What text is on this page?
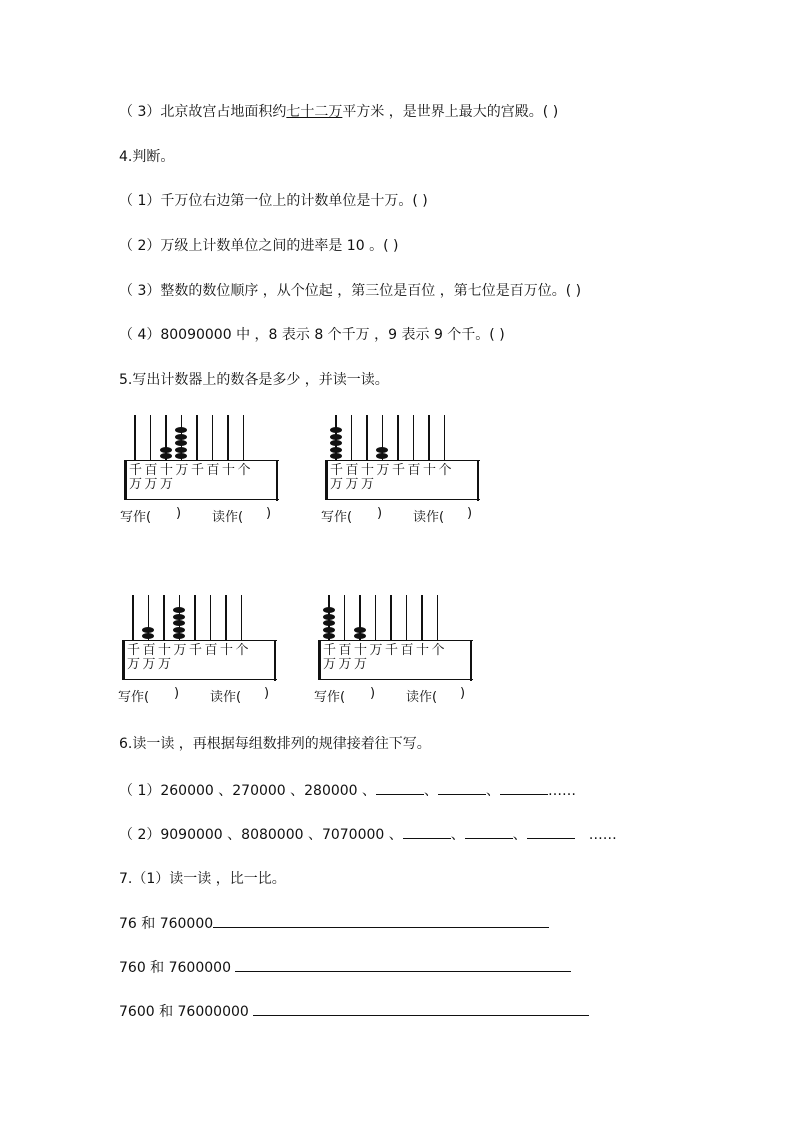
（ 3）北京故宫占地面积约七十二万平方米 ，是世界上最大的宫殿。( )
4.判断。
（ 1）千万位右边第一位上的计数单位是十万。( )
（ 2）万级上计数单位之间的进率是 10 。( )
（ 3）整数的数位顺序 ，从个位起 ，第三位是百位 ，第七位是百万位。( )
（ 4）80090000 中 ，8 表示 8 个千万 ，9 表示 9 个千。( )
5.写出计数器上的数各是多少 ，并读一读。
千 百 十 万 千 百 十 个
万 万 万
写作( ) 读作( )
千 百 十 万 千 百 十 个
万 万 万
写作( ) 读作( )
千 百 十 万 千 百 十 个
万 万 万
写作( ) 读作( )
千 百 十 万 千 百 十 个
万 万 万
写作( ) 读作( )
6.读一读 ，再根据每组数排列的规律接着往下写。
（ 1）260000 、270000 、280000 、	、	、	……
（ 2）9090000 、8080000 、7070000 、	、	、	……
7.（1）读一读 ，比一比。
76 和 760000
760 和 7600000
7600 和 76000000
